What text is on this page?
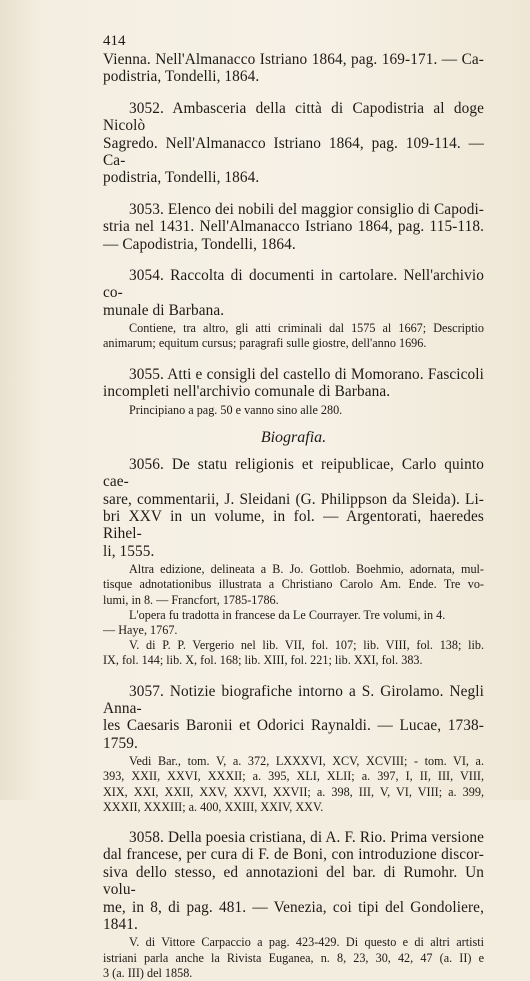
414
Vienna. Nell'Almanacco Istriano 1864, pag. 169-171. — Ca-
podistria, Tondelli, 1864.
3052. Ambasceria della città di Capodistria al doge Nicolò
Sagredo. Nell'Almanacco Istriano 1864, pag. 109-114. — Ca-
podistria, Tondelli, 1864.
3053. Elenco dei nobili del maggior consiglio di Capodi-
stria nel 1431. Nell'Almanacco Istriano 1864, pag. 115-118.
— Capodistria, Tondelli, 1864.
3054. Raccolta di documenti in cartolare. Nell'archivio co-
munale di Barbana.
Contiene, tra altro, gli atti criminali dal 1575 al 1667; Descriptio
animarum; equitum cursus; paragrafi sulle giostre, dell'anno 1696.
3055. Atti e consigli del castello di Momorano. Fascicoli
incompleti nell'archivio comunale di Barbana.
Principiano a pag. 50 e vanno sino alle 280.
Biografia.
3056. De statu religionis et reipublicae, Carlo quinto cae-
sare, commentarii, J. Sleidani (G. Philippson da Sleida). Li-
bri XXV in un volume, in fol. — Argentorati, haeredes Rihel-
li, 1555.
Altra edizione, delineata a B. Jo. Gottlob. Boehmio, adornata, mul-
tisque adnotationibus illustrata a Christiano Carolo Am. Ende. Tre vo-
lumi, in 8. — Francfort, 1785-1786.
L'opera fu tradotta in francese da Le Courrayer. Tre volumi, in 4.
— Haye, 1767.
V. di P. P. Vergerio nel lib. VII, fol. 107; lib. VIII, fol. 138; lib.
IX, fol. 144; lib. X, fol. 168; lib. XIII, fol. 221; lib. XXI, fol. 383.
3057. Notizie biografiche intorno a S. Girolamo. Negli Anna-
les Caesaris Baronii et Odorici Raynaldi. — Lucae, 1738-1759.
Vedi Bar., tom. V, a. 372, LXXXVI, XCV, XCVIII; - tom. VI, a.
393, XXII, XXVI, XXXII; a. 395, XLI, XLII; a. 397, I, II, III, VIII,
XIX, XXI, XXII, XXV, XXVI, XXVII; a. 398, III, V, VI, VIII; a. 399,
XXXII, XXXIII; a. 400, XXIII, XXIV, XXV.
3058. Della poesia cristiana, di A. F. Rio. Prima versione
dal francese, per cura di F. de Boni, con introduzione discor-
siva dello stesso, ed annotazioni del bar. di Rumohr. Un volu-
me, in 8, di pag. 481. — Venezia, coi tipi del Gondoliere, 1841.
V. di Vittore Carpaccio a pag. 423-429. Di questo e di altri artisti
istriani parla anche la Rivista Euganea, n. 8, 23, 30, 42, 47 (a. II) e
3 (a. III) del 1858.
